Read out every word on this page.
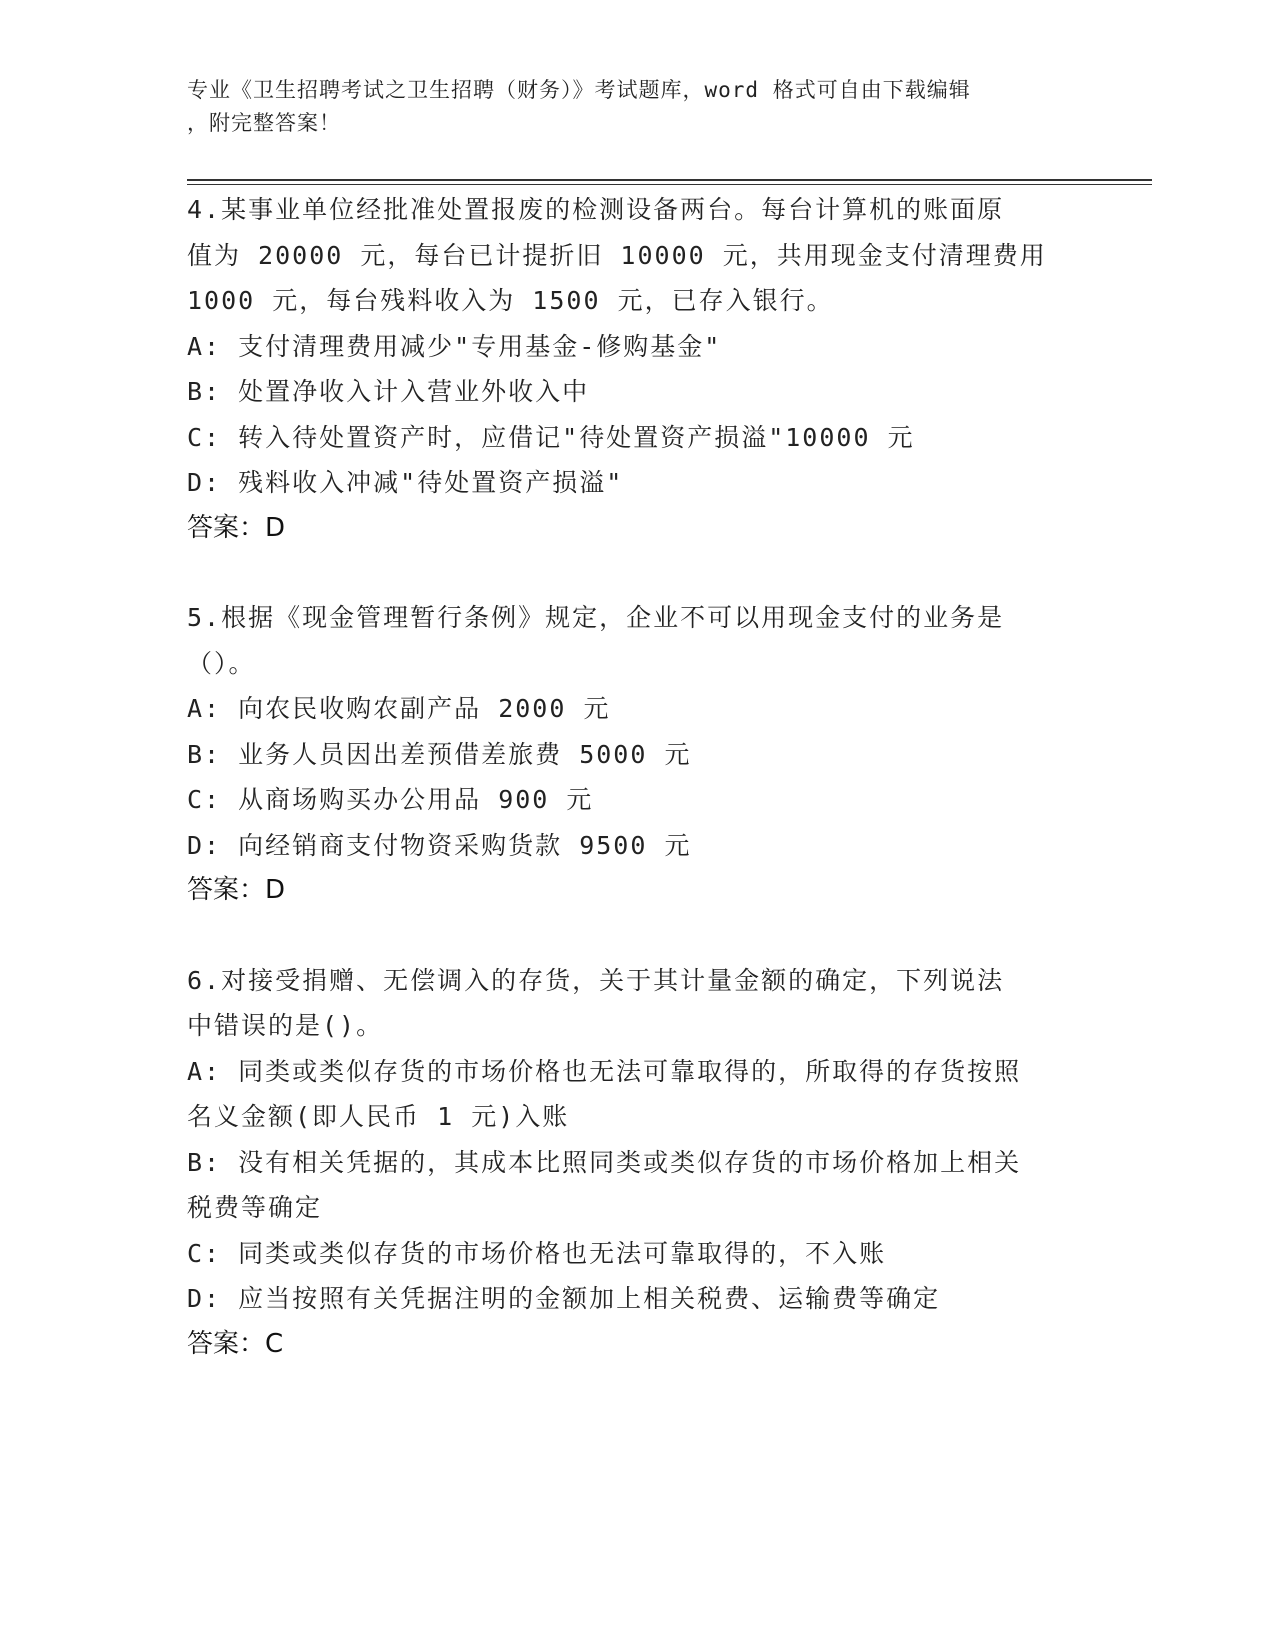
专业《卫生招聘考试之卫生招聘（财务）》考试题库，word 格式可自由下载编辑
，附完整答案！
4.某事业单位经批准处置报废的检测设备两台。每台计算机的账面原
值为 20000 元，每台已计提折旧 10000 元，共用现金支付清理费用
1000 元，每台残料收入为 1500 元，已存入银行。
A: 支付清理费用减少"专用基金-修购基金"
B: 处置净收入计入营业外收入中
C: 转入待处置资产时，应借记"待处置资产损溢"10000 元
D: 残料收入冲减"待处置资产损溢"
答案：D
5.根据《现金管理暂行条例》规定，企业不可以用现金支付的业务是
（）。
A: 向农民收购农副产品 2000 元
B: 业务人员因出差预借差旅费 5000 元
C: 从商场购买办公用品 900 元
D: 向经销商支付物资采购货款 9500 元
答案：D
6.对接受捐赠、无偿调入的存货，关于其计量金额的确定，下列说法
中错误的是()。
A: 同类或类似存货的市场价格也无法可靠取得的，所取得的存货按照
名义金额(即人民币 1 元)入账
B: 没有相关凭据的，其成本比照同类或类似存货的市场价格加上相关
税费等确定
C: 同类或类似存货的市场价格也无法可靠取得的，不入账
D: 应当按照有关凭据注明的金额加上相关税费、运输费等确定
答案：C
